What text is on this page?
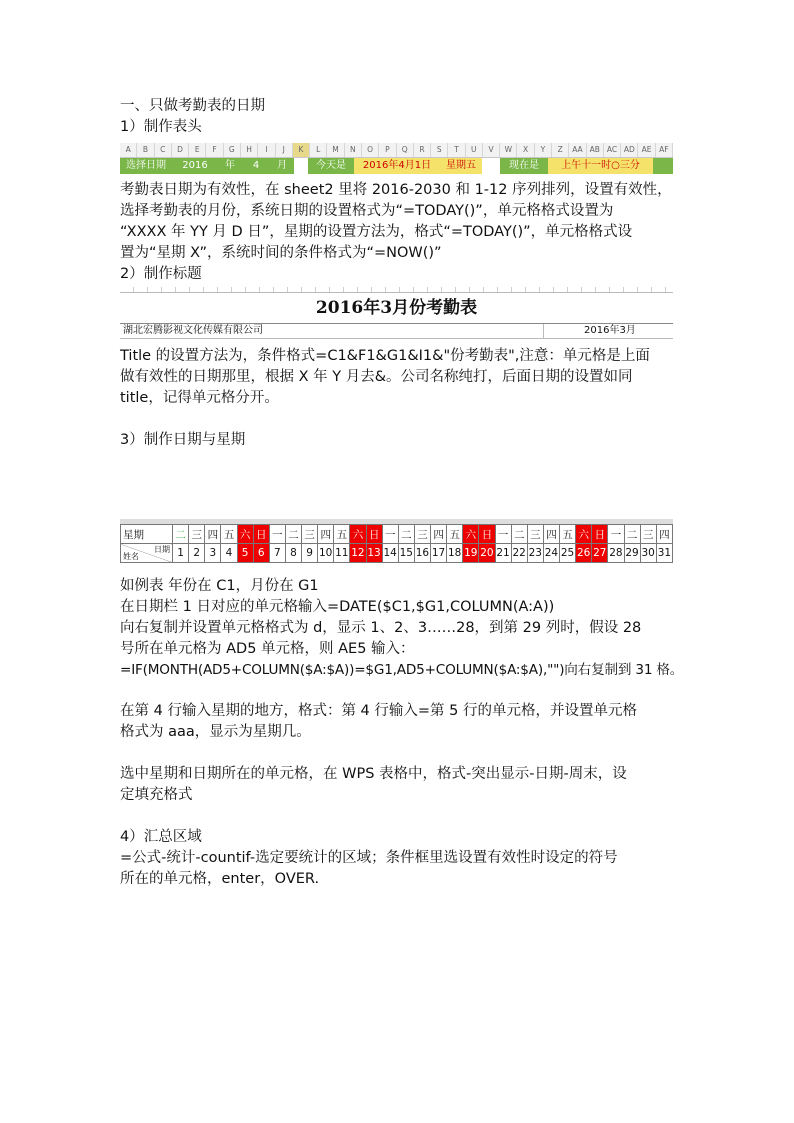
一、只做考勤表的日期
1）制作表头
A	B	C	D	E	F	G	H	I	J	K	L	M	N	O	P	Q	R	S	T	U	V	W	X	Y	Z	AA AB AC AD AE	AF
选择日期	2016	年	4	月	今天是	2016年4月1日	星期五	现在是	上午十一时○三分
考勤表日期为有效性，在 sheet2 里将 2016-2030 和 1-12 序列排列，设置有效性，
选择考勤表的月份，系统日期的设置格式为“=TODAY()”，单元格格式设置为
“XXXX 年 YY 月 D 日”，星期的设置方法为，格式“=TODAY()”，单元格格式设
置为“星期 X”，系统时间的条件格式为“=NOW()”
2）制作标题
2016年3月份考勤表
湖北宏腾影视文化传媒有限公司	2016年3月
Title 的设置方法为，条件格式=C1&F1&G1&I1&"份考勤表",注意：单元格是上面
做有效性的日期那里，根据 X 年 Y 月去&。公司名称纯打，后面日期的设置如同
title，记得单元格分开。
3）制作日期与星期
星期	二	三	四	五	六	日	一	二	三	四	五	六	日	一	二	三	四	五	六	日	一	二	三	四	五	六	日	一	二	三	四

日期
姓名	1	2	3	4	5	6	7	8	9	10	11	12	13	14	15	16	17	18	19	20	21	22	23	24	25	26	27	28	29	30	31
如例表 年份在 C1，月份在 G1
在日期栏 1 日对应的单元格输入=DATE($C1,$G1,COLUMN(A:A))
向右复制并设置单元格格式为 d，显示 1、2、3……28，到第 29 列时，假设 28
号所在单元格为 AD5 单元格，则 AE5 输入：
=IF(MONTH(AD5+COLUMN($A:$A))=$G1,AD5+COLUMN($A:$A),"")向右复制到 31 格。
在第 4 行输入星期的地方，格式：第 4 行输入=第 5 行的单元格，并设置单元格
格式为 aaa，显示为星期几。
选中星期和日期所在的单元格，在 WPS 表格中，格式-突出显示-日期-周末，设
定填充格式
4）汇总区域
=公式-统计-countif-选定要统计的区域；条件框里选设置有效性时设定的符号
所在的单元格，enter，OVER.
